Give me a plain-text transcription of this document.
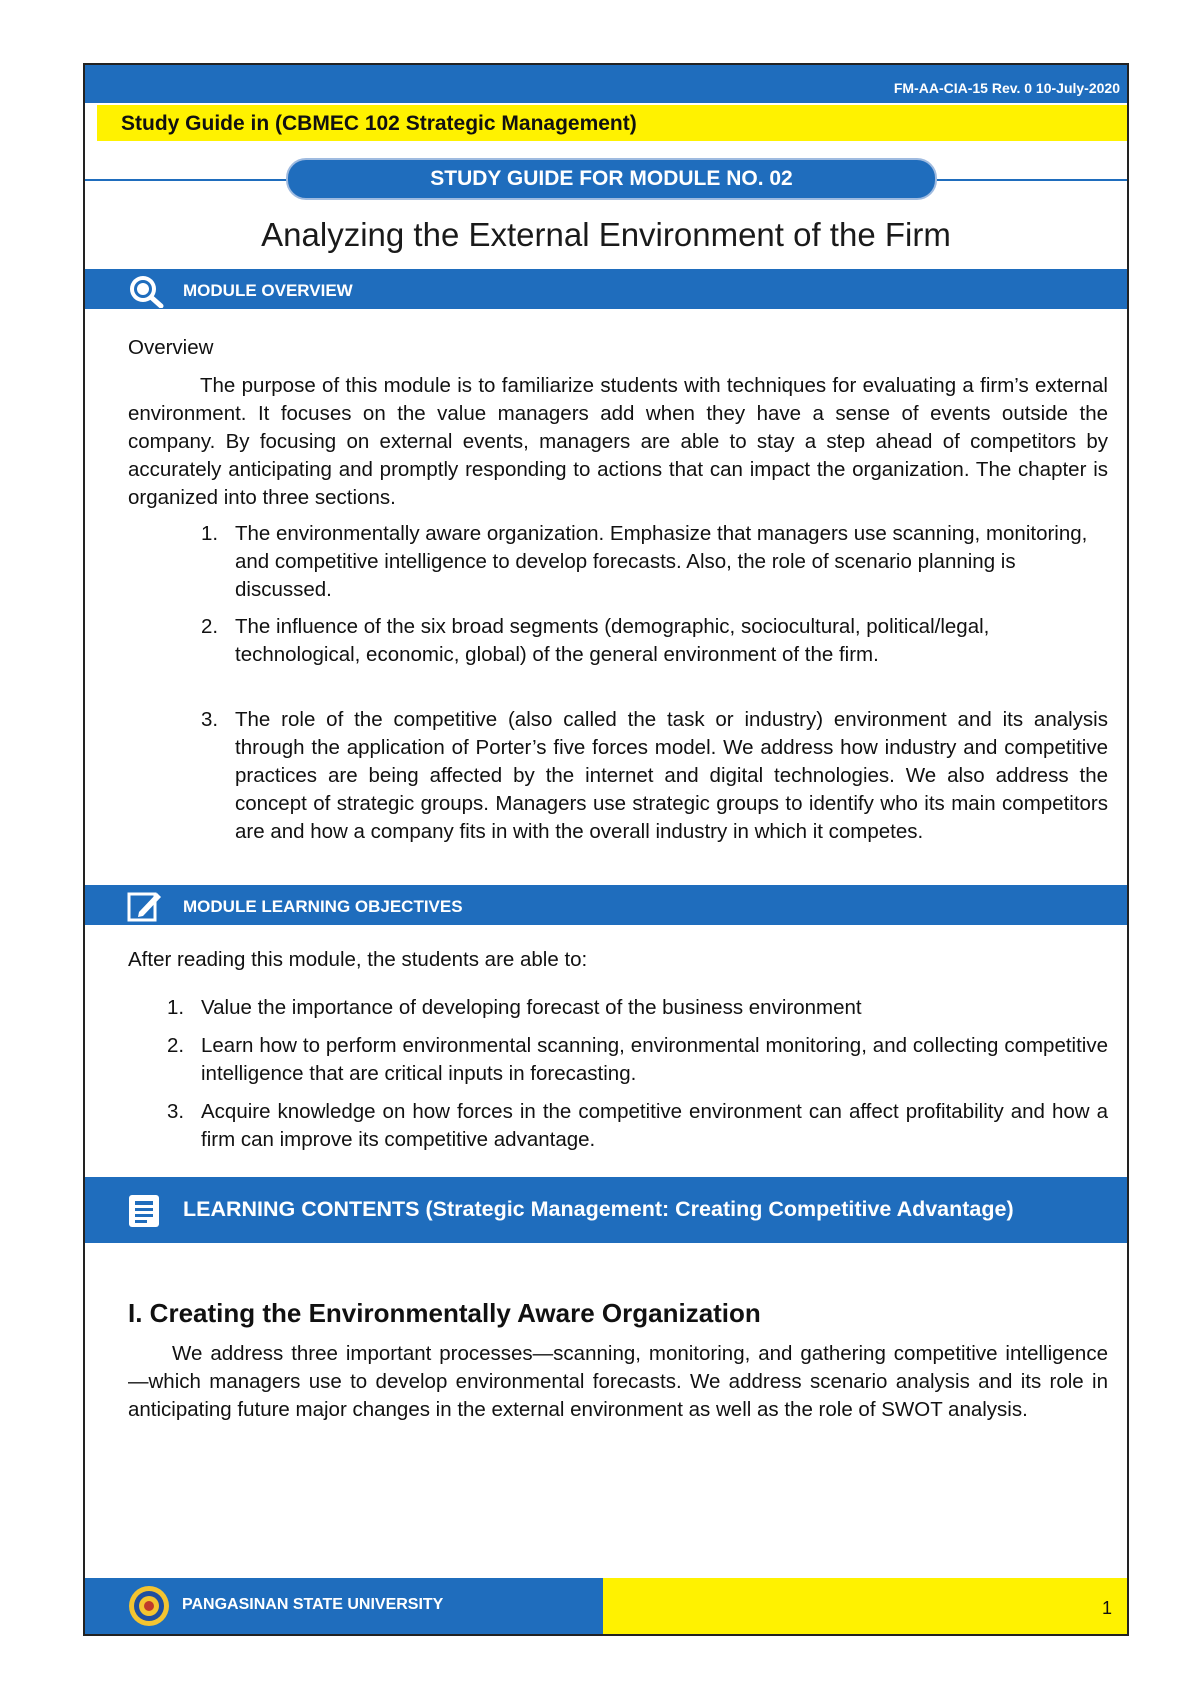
FM-AA-CIA-15 Rev. 0 10-July-2020
Study Guide in (CBMEC 102 Strategic Management)
STUDY GUIDE FOR MODULE NO. 02
Analyzing the External Environment of the Firm
MODULE OVERVIEW
Overview
The purpose of this module is to familiarize students with techniques for evaluating a firm’s external environment. It focuses on the value managers add when they have a sense of events outside the company. By focusing on external events, managers are able to stay a step ahead of competitors by accurately anticipating and promptly responding to actions that can impact the organization. The chapter is organized into three sections.
1. The environmentally aware organization. Emphasize that managers use scanning, monitoring, and competitive intelligence to develop forecasts. Also, the role of scenario planning is discussed.
2. The influence of the six broad segments (demographic, sociocultural, political/legal, technological, economic, global) of the general environment of the firm.
3. The role of the competitive (also called the task or industry) environment and its analysis through the application of Porter’s five forces model. We address how industry and competitive practices are being affected by the internet and digital technologies. We also address the concept of strategic groups. Managers use strategic groups to identify who its main competitors are and how a company fits in with the overall industry in which it competes.
MODULE LEARNING OBJECTIVES
After reading this module, the students are able to:
1. Value the importance of developing forecast of the business environment
2. Learn how to perform environmental scanning, environmental monitoring, and collecting competitive intelligence that are critical inputs in forecasting.
3. Acquire knowledge on how forces in the competitive environment can affect profitability and how a firm can improve its competitive advantage.
LEARNING CONTENTS (Strategic Management: Creating Competitive Advantage)
I. Creating the Environmentally Aware Organization
We address three important processes—scanning, monitoring, and gathering competitive intelligence—which managers use to develop environmental forecasts. We address scenario analysis and its role in anticipating future major changes in the external environment as well as the role of SWOT analysis.
PANGASINAN STATE UNIVERSITY	1
